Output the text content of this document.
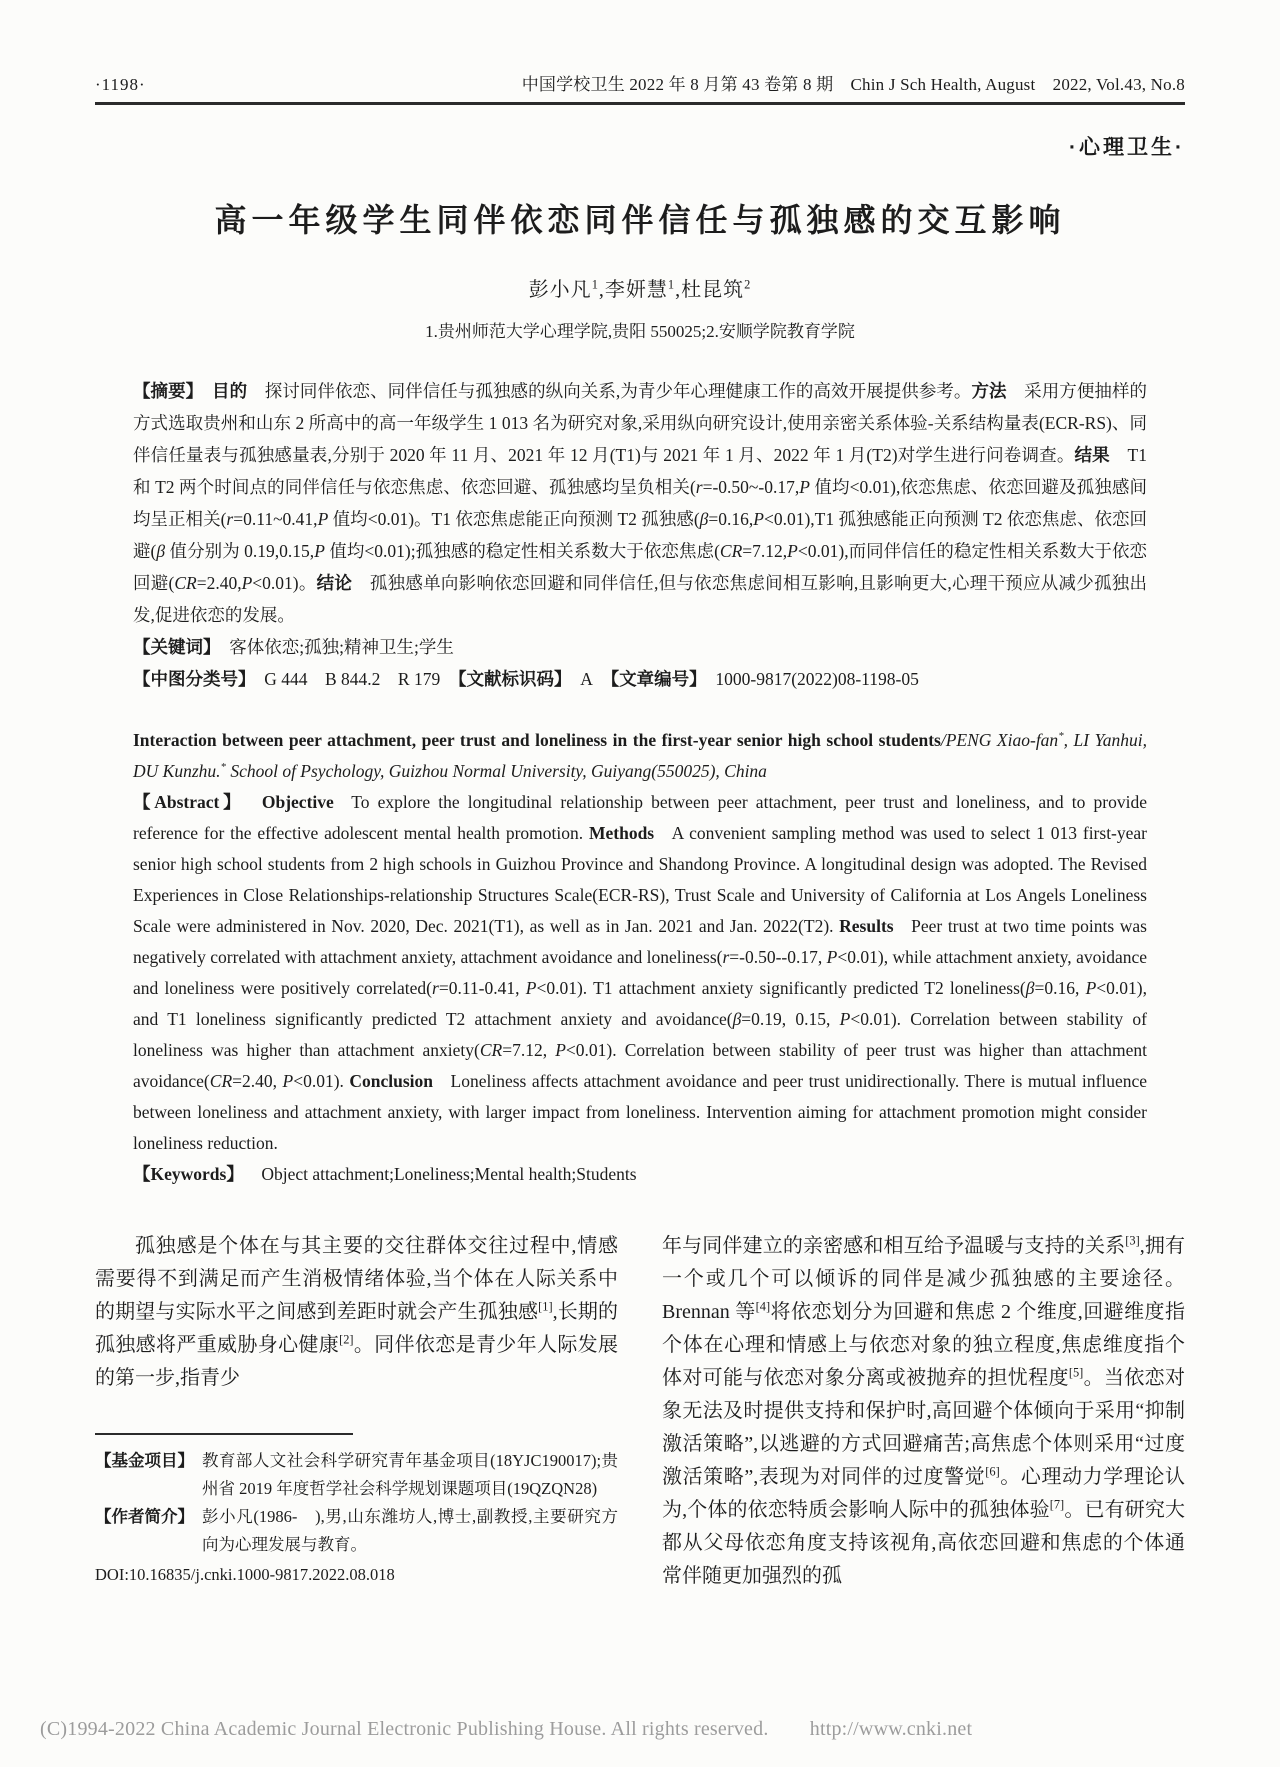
·1198·	中国学校卫生 2022 年 8 月第 43 卷第 8 期　Chin J Sch Health, August　2022, Vol.43, No.8
·心理卫生·
高一年级学生同伴依恋同伴信任与孤独感的交互影响
彭小凡$^1$,李妍慧$^1$,杜昆筑$^2$
1.贵州师范大学心理学院,贵阳 550025;2.安顺学院教育学院

【摘要】　 目的　探讨同伴依恋、同伴信任与孤独感的纵向关系,为青少年心理健康工作的高效开展提供参考。方法　采用方便抽样的方式选取贵州和山东 2 所高中的高一年级学生 1 013 名为研究对象,采用纵向研究设计,使用亲密关系体验-关系结构量表(ECR-RS)、同伴信任量表与孤独感量表,分别于 2020 年 11 月、2021 年 12 月(T1)与 2021 年 1 月、2022 年 1 月(T2)对学生进行问卷调查。结果　T1 和 T2 两个时间点的同伴信任与依恋焦虑、依恋回避、孤独感均呈负相关(r=-0.50~-0.17,P 值均<0.01),依恋焦虑、依恋回避及孤独感间均呈正相关(r=0.11~0.41,P 值均<0.01)。T1 依恋焦虑能正向预测 T2 孤独感(β=0.16,P<0.01),T1 孤独感能正向预测 T2 依恋焦虑、依恋回避(β 值分别为 0.19,0.15,P 值均<0.01);孤独感的稳定性相关系数大于依恋焦虑(CR=7.12,P<0.01),而同伴信任的稳定性相关系数大于依恋回避(CR=2.40,P<0.01)。结论　孤独感单向影响依恋回避和同伴信任,但与依恋焦虑间相互影响,且影响更大,心理干预应从减少孤独出发,促进依恋的发展。

【关键词】　客体依恋;孤独;精神卫生;学生

【中图分类号】　G 444  B 844.2  R 179 【文献标识码】　A 【文章编号】　1000-9817(2022)08-1198-05

Interaction between peer attachment, peer trust and loneliness in the first-year senior high school students/PENG Xiao-fan*, LI Yanhui, DU Kunzhu.* School of Psychology, Guizhou Normal University, Guiyang(550025), China

【Abstract】   Objective  To explore the longitudinal relationship between peer attachment, peer trust and loneliness, and to provide reference for the effective adolescent mental health promotion. Methods  A convenient sampling method was used to select 1 013 first-year senior high school students from 2 high schools in Guizhou Province and Shandong Province. A longitudinal design was adopted. The Revised Experiences in Close Relationships-relationship Structures Scale(ECR-RS), Trust Scale and University of California at Los Angels Loneliness Scale were administered in Nov. 2020, Dec. 2021(T1), as well as in Jan. 2021 and Jan. 2022(T2). Results  Peer trust at two time points was negatively correlated with attachment anxiety, attachment avoidance and loneliness(r=-0.50--0.17, P<0.01), while attachment anxiety, avoidance and loneliness were positively correlated(r=0.11-0.41, P<0.01). T1 attachment anxiety significantly predicted T2 loneliness(β=0.16, P<0.01), and T1 loneliness significantly predicted T2 attachment anxiety and avoidance(β=0.19, 0.15, P<0.01). Correlation between stability of loneliness was higher than attachment anxiety(CR=7.12, P<0.01). Correlation between stability of peer trust was higher than attachment avoidance(CR=2.40, P<0.01). Conclusion  Loneliness affects attachment avoidance and peer trust unidirectionally. There is mutual influence between loneliness and attachment anxiety, with larger impact from loneliness. Intervention aiming for attachment promotion might consider loneliness reduction.

【Keywords】  Object attachment;Loneliness;Mental health;Students

孤独感是个体在与其主要的交往群体交往过程中,情感需要得不到满足而产生消极情绪体验,当个体在人际关系中的期望与实际水平之间感到差距时就会产生孤独感[1],长期的孤独感将严重威胁身心健康[2]。同伴依恋是青少年人际发展的第一步,指青少

【基金项目】 教育部人文社会科学研究青年基金项目(18YJC190017);贵州省 2019 年度哲学社会科学规划课题项目(19QZQN28)
【作者简介】 彭小凡(1986-　),男,山东潍坊人,博士,副教授,主要研究方向为心理发展与教育。
DOI:10.16835/j.cnki.1000-9817.2022.08.018

年与同伴建立的亲密感和相互给予温暖与支持的关系[3],拥有一个或几个可以倾诉的同伴是减少孤独感的主要途径。Brennan 等[4]将依恋划分为回避和焦虑 2 个维度,回避维度指个体在心理和情感上与依恋对象的独立程度,焦虑维度指个体对可能与依恋对象分离或被抛弃的担忧程度[5]。当依恋对象无法及时提供支持和保护时,高回避个体倾向于采用“抑制激活策略”,以逃避的方式回避痛苦;高焦虑个体则采用“过度激活策略”,表现为对同伴的过度警觉[6]。心理动力学理论认为,个体的依恋特质会影响人际中的孤独体验[7]。已有研究大都从父母依恋角度支持该视角,高依恋回避和焦虑的个体通常伴随更加强烈的孤

(C)1994-2022 China Academic Journal Electronic Publishing House. All rights reserved. http://www.cnki.net
